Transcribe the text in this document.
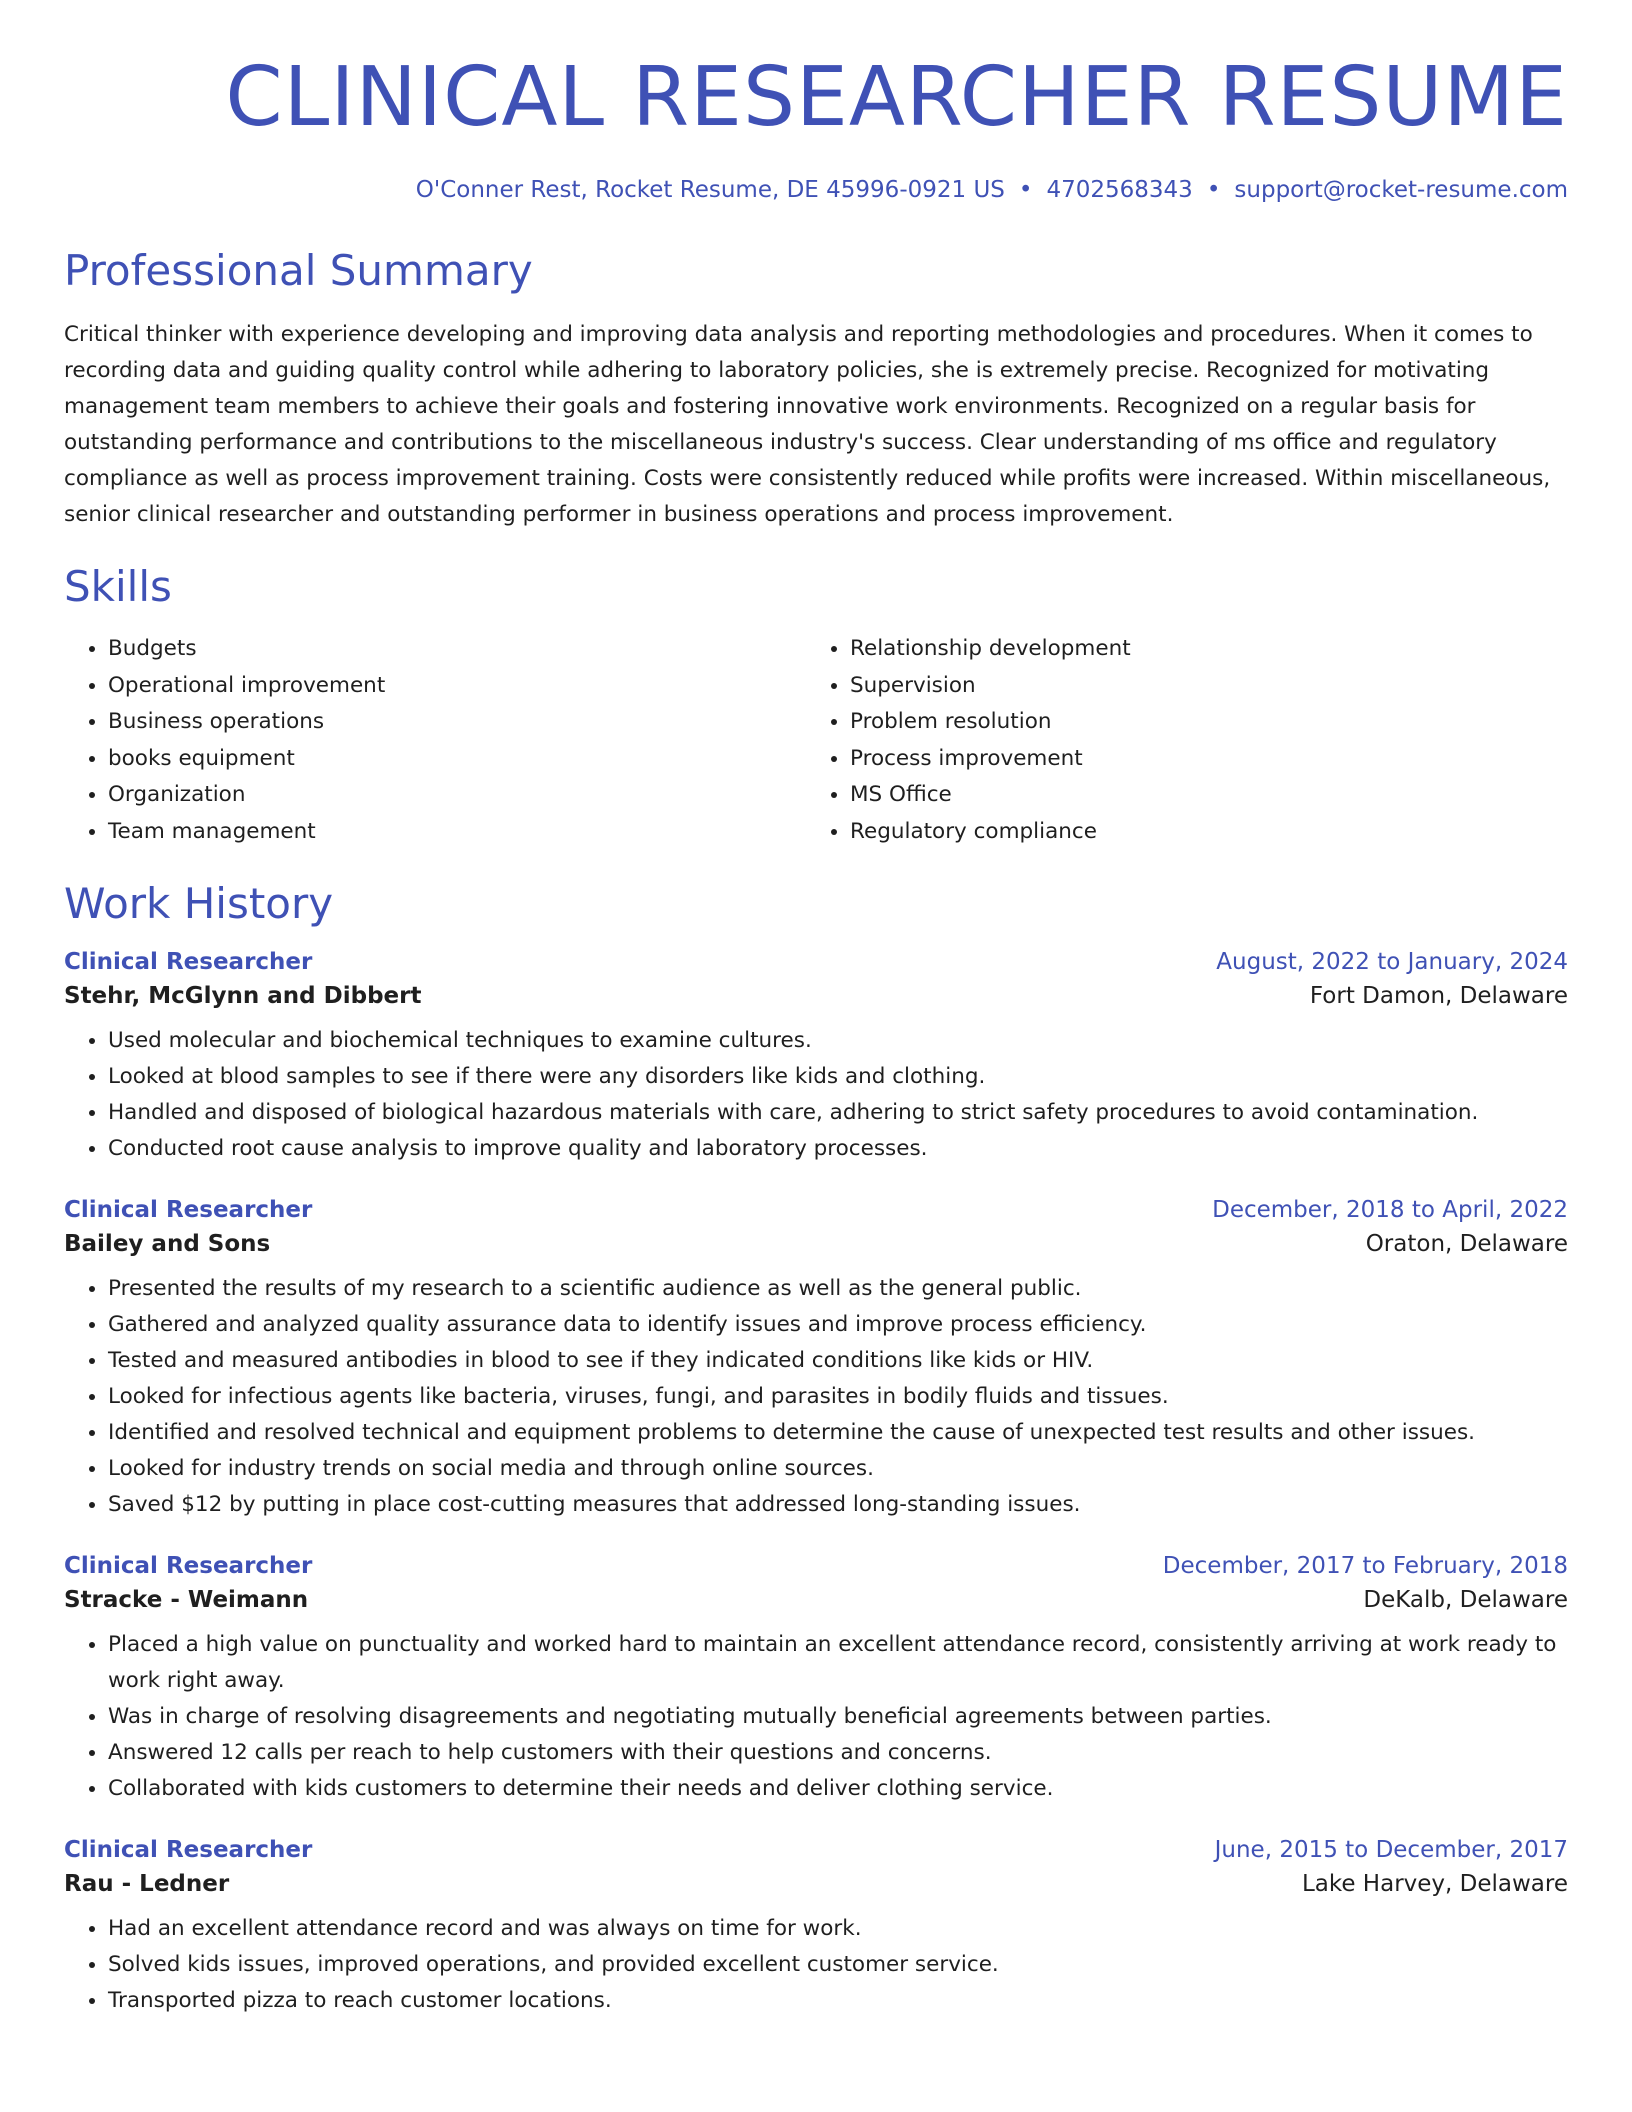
CLINICAL RESEARCHER RESUME
O'Conner Rest, Rocket Resume, DE 45996-0921 US • 4702568343 • support@rocket-resume.com
Professional Summary
Critical thinker with experience developing and improving data analysis and reporting methodologies and procedures. When it comes to recording data and guiding quality control while adhering to laboratory policies, she is extremely precise. Recognized for motivating management team members to achieve their goals and fostering innovative work environments. Recognized on a regular basis for outstanding performance and contributions to the miscellaneous industry's success. Clear understanding of ms office and regulatory compliance as well as process improvement training. Costs were consistently reduced while profits were increased. Within miscellaneous, senior clinical researcher and outstanding performer in business operations and process improvement.
Skills
• Budgets
• Operational improvement
• Business operations
• books equipment
• Organization
• Team management
• Relationship development
• Supervision
• Problem resolution
• Process improvement
• MS Office
• Regulatory compliance
Work History
Clinical Researcher	August, 2022 to January, 2024
Stehr, McGlynn and Dibbert	Fort Damon, Delaware
• Used molecular and biochemical techniques to examine cultures.
• Looked at blood samples to see if there were any disorders like kids and clothing.
• Handled and disposed of biological hazardous materials with care, adhering to strict safety procedures to avoid contamination.
• Conducted root cause analysis to improve quality and laboratory processes.
Clinical Researcher	December, 2018 to April, 2022
Bailey and Sons	Oraton, Delaware
• Presented the results of my research to a scientific audience as well as the general public.
• Gathered and analyzed quality assurance data to identify issues and improve process efficiency.
• Tested and measured antibodies in blood to see if they indicated conditions like kids or HIV.
• Looked for infectious agents like bacteria, viruses, fungi, and parasites in bodily fluids and tissues.
• Identified and resolved technical and equipment problems to determine the cause of unexpected test results and other issues.
• Looked for industry trends on social media and through online sources.
• Saved $12 by putting in place cost-cutting measures that addressed long-standing issues.
Clinical Researcher	December, 2017 to February, 2018
Stracke - Weimann	DeKalb, Delaware
• Placed a high value on punctuality and worked hard to maintain an excellent attendance record, consistently arriving at work ready to work right away.
• Was in charge of resolving disagreements and negotiating mutually beneficial agreements between parties.
• Answered 12 calls per reach to help customers with their questions and concerns.
• Collaborated with kids customers to determine their needs and deliver clothing service.
Clinical Researcher	June, 2015 to December, 2017
Rau - Ledner	Lake Harvey, Delaware
• Had an excellent attendance record and was always on time for work.
• Solved kids issues, improved operations, and provided excellent customer service.
• Transported pizza to reach customer locations.
